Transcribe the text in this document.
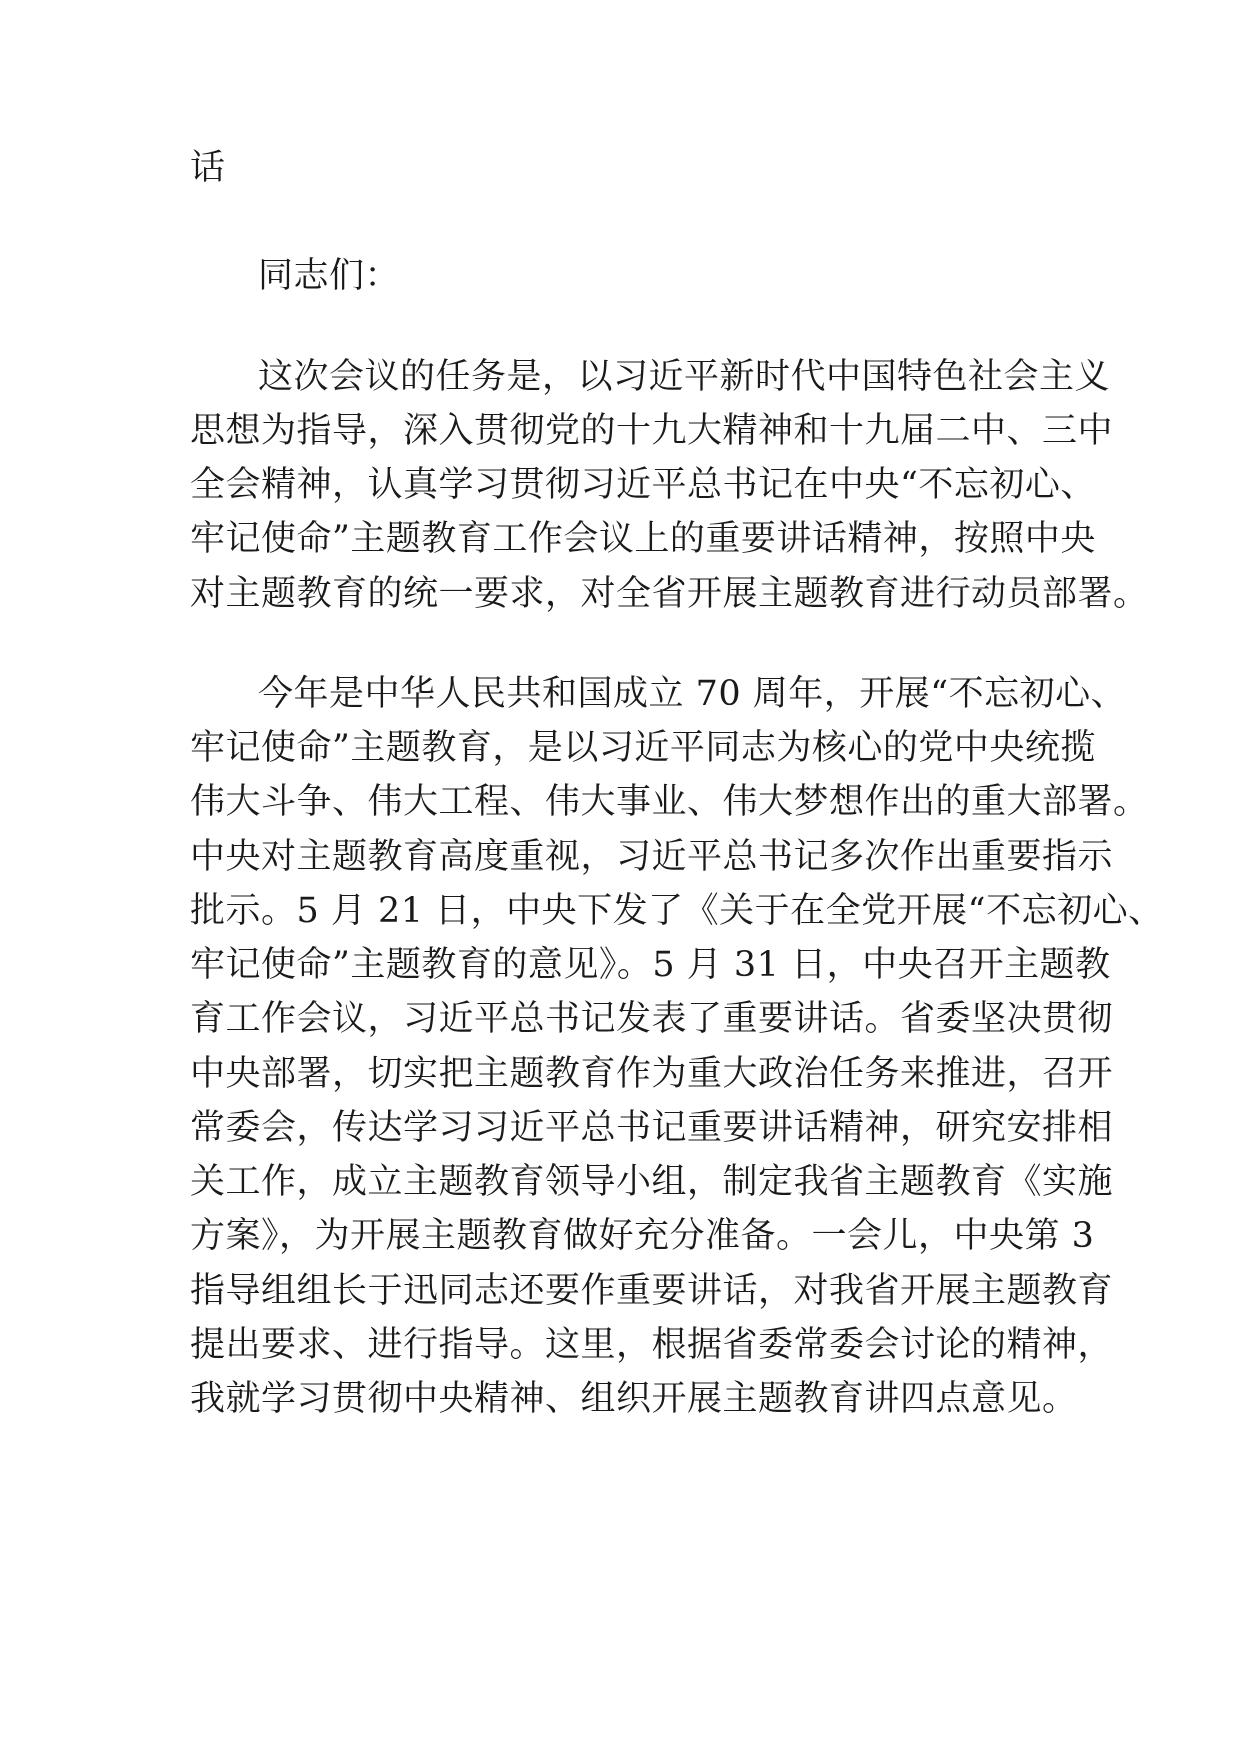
话
同志们：
这次会议的任务是，以习近平新时代中国特色社会主义
思想为指导，深入贯彻党的十九大精神和十九届二中、三中
全会精神，认真学习贯彻习近平总书记在中央“不忘初心、
牢记使命”主题教育工作会议上的重要讲话精神，按照中央
对主题教育的统一要求，对全省开展主题教育进行动员部署。
今年是中华人民共和国成立 70 周年，开展“不忘初心、
牢记使命”主题教育，是以习近平同志为核心的党中央统揽
伟大斗争、伟大工程、伟大事业、伟大梦想作出的重大部署。
中央对主题教育高度重视，习近平总书记多次作出重要指示
批示。5 月 21 日，中央下发了《关于在全党开展“不忘初心、
牢记使命”主题教育的意见》。5 月 31 日，中央召开主题教
育工作会议，习近平总书记发表了重要讲话。省委坚决贯彻
中央部署，切实把主题教育作为重大政治任务来推进，召开
常委会，传达学习习近平总书记重要讲话精神，研究安排相
关工作，成立主题教育领导小组，制定我省主题教育《实施
方案》，为开展主题教育做好充分准备。一会儿，中央第 3
指导组组长于迅同志还要作重要讲话，对我省开展主题教育
提出要求、进行指导。这里，根据省委常委会讨论的精神，
我就学习贯彻中央精神、组织开展主题教育讲四点意见。
